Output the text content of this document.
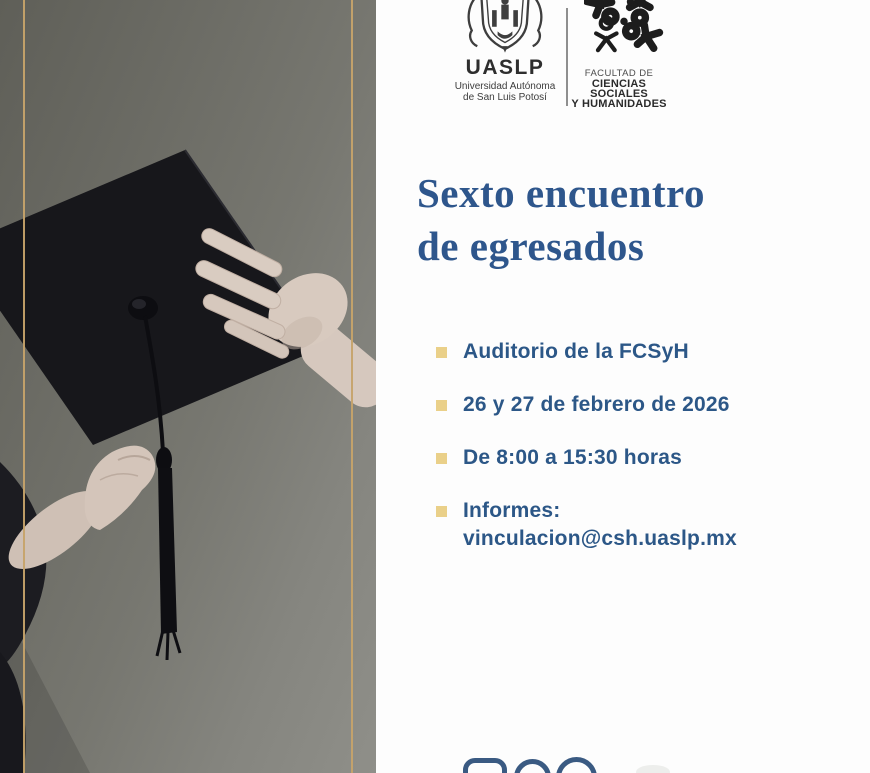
UASLP
Universidad Autónoma
de San Luis Potosí
FACULTAD DE
CIENCIAS SOCIALES
Y HUMANIDADES
Sexto encuentro
de egresados
Auditorio de la FCSyH
26 y 27 de febrero de 2026
De 8:00 a 15:30 horas
Informes:
vinculacion@csh.uaslp.mx
